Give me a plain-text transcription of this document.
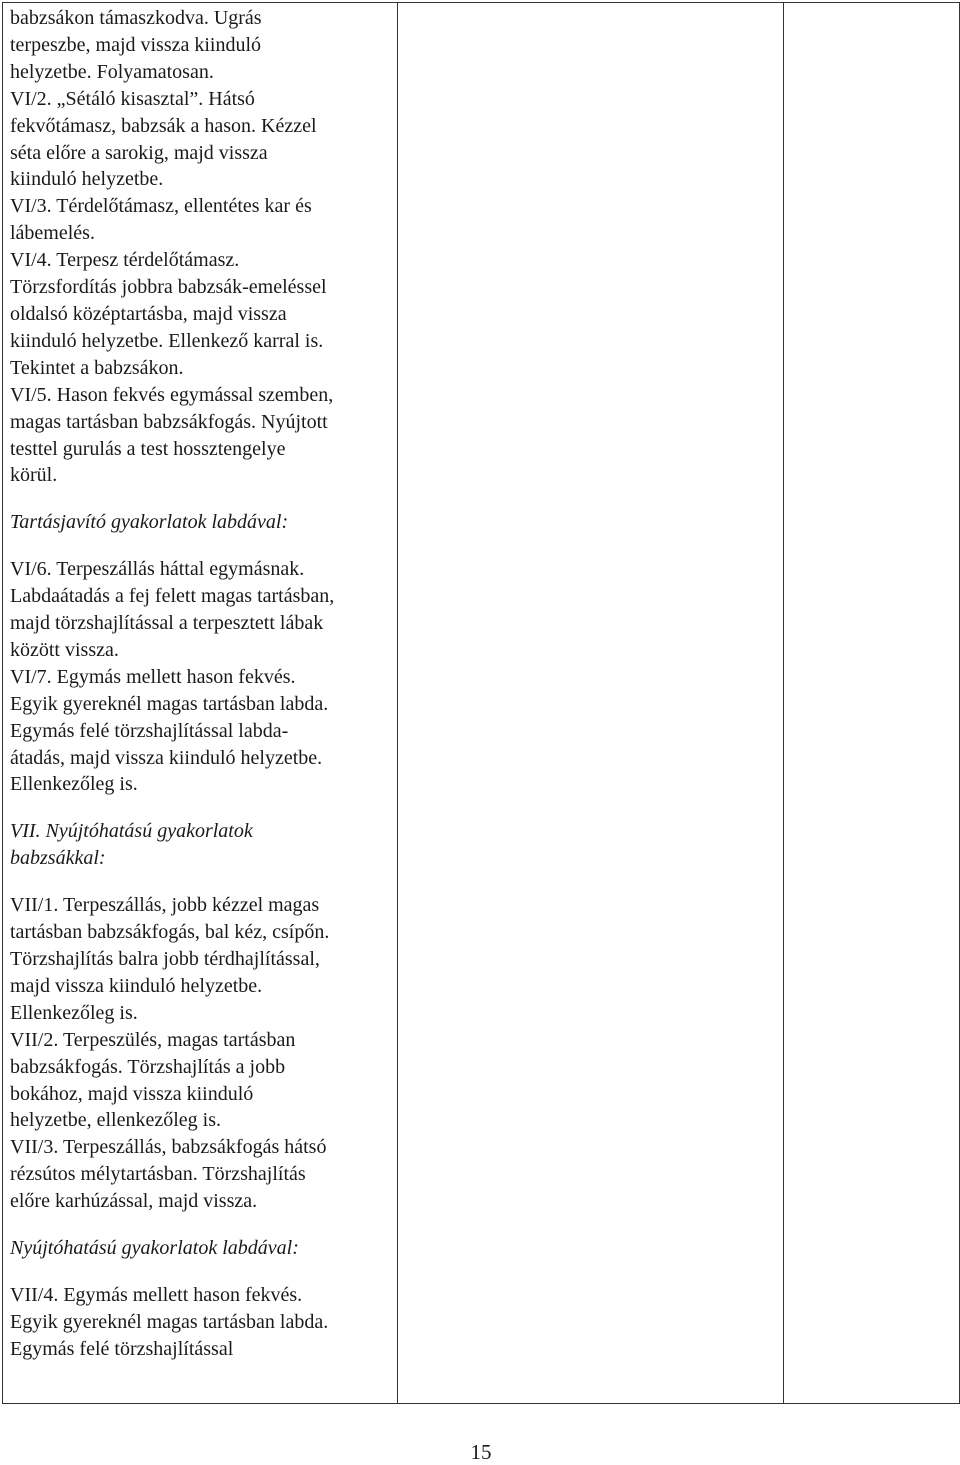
babzsákon támaszkodva. Ugrás
terpeszbe, majd vissza kiinduló
helyzetbe. Folyamatosan.
VI/2. „Sétáló kisasztal”. Hátsó
fekvőtámasz, babzsák a hason. Kézzel
séta előre a sarokig, majd vissza
kiinduló helyzetbe.
VI/3. Térdelőtámasz, ellentétes kar és
lábemelés.
VI/4. Terpesz térdelőtámasz.
Törzsfordítás jobbra babzsák-emeléssel
oldalsó középtartásba, majd vissza
kiinduló helyzetbe. Ellenkező karral is.
Tekintet a babzsákon.
VI/5. Hason fekvés egymással szemben,
magas tartásban babzsákfogás. Nyújtott
testtel gurulás a test hossztengelye
körül.
Tartásjavító gyakorlatok labdával:
VI/6. Terpeszállás háttal egymásnak.
Labdaátadás a fej felett magas tartásban,
majd törzshajlítással a terpesztett lábak
között vissza.
VI/7. Egymás mellett hason fekvés.
Egyik gyereknél magas tartásban labda.
Egymás felé törzshajlítással labda-
átadás, majd vissza kiinduló helyzetbe.
Ellenkezőleg is.
VII. Nyújtóhatású gyakorlatok
babzsákkal:
VII/1. Terpeszállás, jobb kézzel magas
tartásban babzsákfogás, bal kéz, csípőn.
Törzshajlítás balra jobb térdhajlítással,
majd vissza kiinduló helyzetbe.
Ellenkezőleg is.
VII/2. Terpeszülés, magas tartásban
babzsákfogás. Törzshajlítás a jobb
bokához, majd vissza kiinduló
helyzetbe, ellenkezőleg is.
VII/3. Terpeszállás, babzsákfogás hátsó
rézsútos mélytartásban. Törzshajlítás
előre karhúzással, majd vissza.
Nyújtóhatású gyakorlatok labdával:
VII/4. Egymás mellett hason fekvés.
Egyik gyereknél magas tartásban labda.
Egymás felé törzshajlítással

15
